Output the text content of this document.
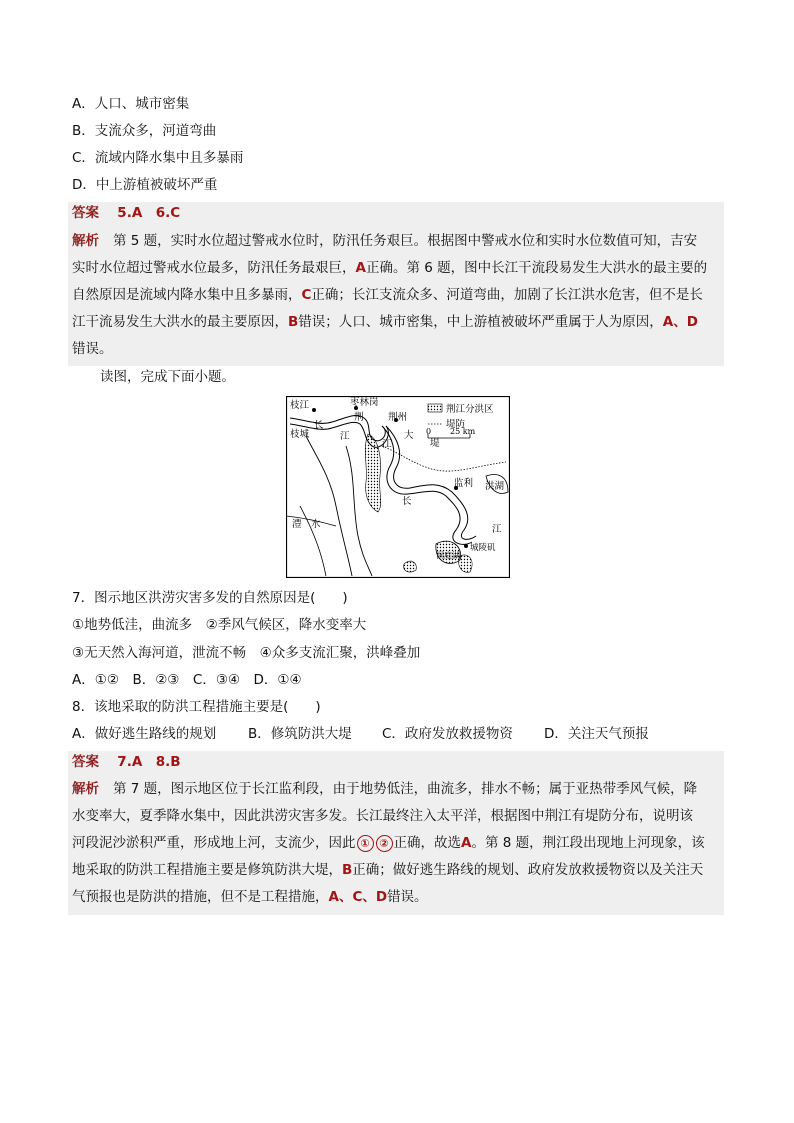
A．人口、城市密集
B．支流众多，河道弯曲
C．流域内降水集中且多暴雨
D．中上游植被破坏严重
答案 5.A　6.C
解析 第 5 题，实时水位超过警戒水位时，防汛任务艰巨。根据图中警戒水位和实时水位数值可知，吉安
实时水位超过警戒水位最多，防汛任务最艰巨，A正确。第 6 题，图中长江干流段易发生大洪水的最主要的
自然原因是流域内降水集中且多暴雨，C正确；长江支流众多、河道弯曲，加剧了长江洪水危害，但不是长
江干流易发生大洪水的最主要原因，B错误；人口、城市密集，中上游植被破坏严重属于人为原因，A、D
错误。
读图，完成下面小题。
枝江	枣林岗
荆	荆州
枝城
长
江
江
大
堤
监利 洪湖
长
江
澧　水
洞庭湖
城陵矶
荆江分洪区
堤防
0 25 km
7．图示地区洪涝灾害多发的自然原因是(　　)
①地势低洼，曲流多　②季风气候区，降水变率大
③无天然入海河道，泄流不畅　④众多支流汇聚，洪峰叠加
A．①②　B．②③　C．③④　D．①④
8．该地采取的防洪工程措施主要是(　　)
A．做好逃生路线的规划 B．修筑防洪大堤 C．政府发放救援物资 D．关注天气预报
答案 7.A　8.B
解析 第 7 题，图示地区位于长江监利段，由于地势低洼，曲流多，排水不畅；属于亚热带季风气候，降
水变率大，夏季降水集中，因此洪涝灾害多发。长江最终注入太平洋，根据图中荆江有堤防分布，说明该
河段泥沙淤积严重，形成地上河，支流少，因此 ① ② 正确，故选A。第 8 题，荆江段出现地上河现象，该
地采取的防洪工程措施主要是修筑防洪大堤，B正确；做好逃生路线的规划、政府发放救援物资以及关注天
气预报也是防洪的措施，但不是工程措施，A、C、D错误。
